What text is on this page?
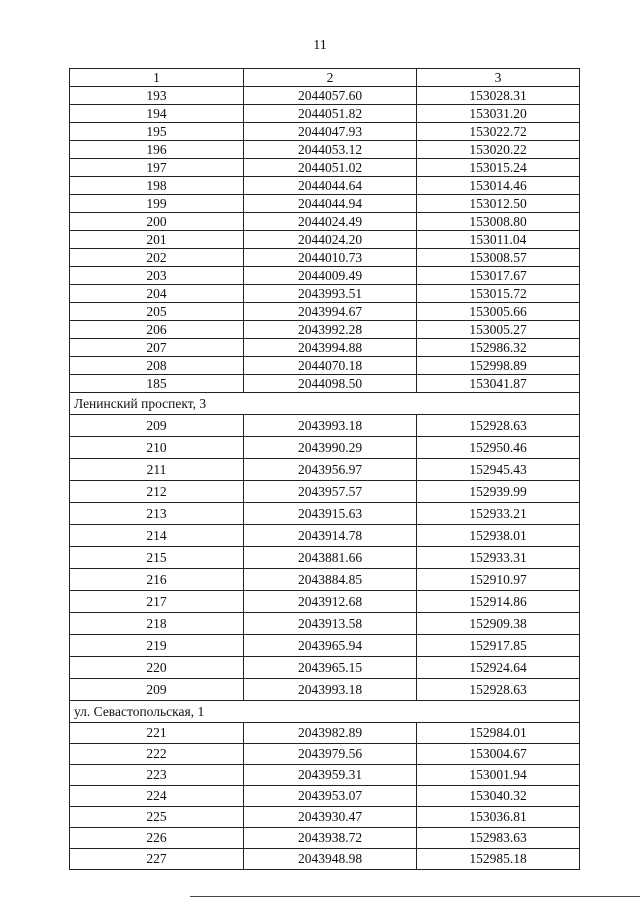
11
1	2	3
193	2044057.60	153028.31
194	2044051.82	153031.20
195	2044047.93	153022.72
196	2044053.12	153020.22
197	2044051.02	153015.24
198	2044044.64	153014.46
199	2044044.94	153012.50
200	2044024.49	153008.80
201	2044024.20	153011.04
202	2044010.73	153008.57
203	2044009.49	153017.67
204	2043993.51	153015.72
205	2043994.67	153005.66
206	2043992.28	153005.27
207	2043994.88	152986.32
208	2044070.18	152998.89
185	2044098.50	153041.87
Ленинский проспект, 3		
209	2043993.18	152928.63
210	2043990.29	152950.46
211	2043956.97	152945.43
212	2043957.57	152939.99
213	2043915.63	152933.21
214	2043914.78	152938.01
215	2043881.66	152933.31
216	2043884.85	152910.97
217	2043912.68	152914.86
218	2043913.58	152909.38
219	2043965.94	152917.85
220	2043965.15	152924.64
209	2043993.18	152928.63
ул. Севастопольская, 1		
221	2043982.89	152984.01
222	2043979.56	153004.67
223	2043959.31	153001.94
224	2043953.07	153040.32
225	2043930.47	153036.81
226	2043938.72	152983.63
227	2043948.98	152985.18
